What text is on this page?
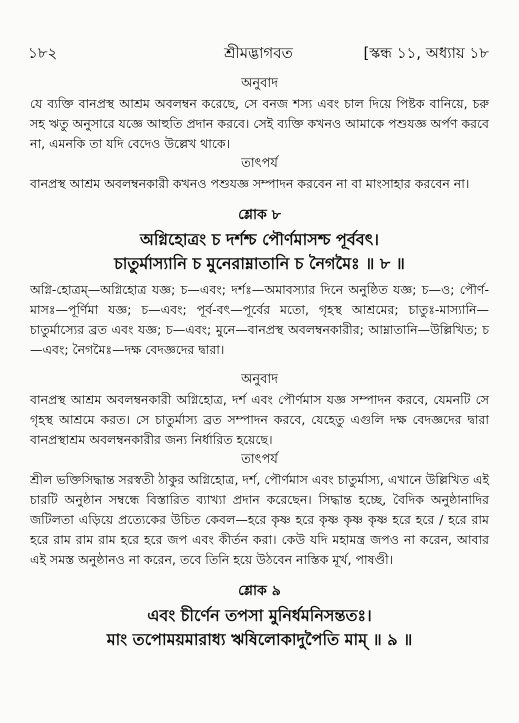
১৮২	শ্রীমদ্ভাগবত	[স্কন্ধ ১১, অধ্যায় ১৮

অনুবাদ

যে ব্যক্তি বানপ্রস্থ আশ্রম অবলম্বন করেছে, সে বনজ শস্য এবং চাল দিয়ে পিষ্টক বানিয়ে, চরু সহ ঋতু অনুসারে যজ্ঞে আহুতি প্রদান করবে। সেই ব্যক্তি কখনও আমাকে পশুযজ্ঞ অর্পণ করবে না, এমনকি তা যদি বেদেও উল্লেখ থাকে।

তাৎপর্য

বানপ্রস্থ আশ্রম অবলম্বনকারী কখনও পশুযজ্ঞ সম্পাদন করবেন না বা মাংসাহার করবেন না।

শ্লোক ৮

অগ্নিহোত্রং চ দর্শশ্চ পৌর্ণমাসশ্চ পূর্ববৎ।

চাতুর্মাস্যানি চ মুনেরাম্নাতানি চ নৈগমৈঃ ॥ ৮ ॥

অগ্নি-হোত্রম্—অগ্নিহোত্র যজ্ঞ; চ—এবং; দর্শঃ—অমাবস্যার দিনে অনুষ্ঠিত যজ্ঞ; চ—ও; পৌর্ণ-মাসঃ—পূর্ণিমা যজ্ঞ; চ—এবং; পূর্ব-বৎ—পূর্বের মতো, গৃহস্থ আশ্রমের; চাতুঃ-মাস্যানি—চাতুর্মাস্যের ব্রত এবং যজ্ঞ; চ—এবং; মুনে—বানপ্রস্থ অবলম্বনকারীর; আম্নাতানি—উল্লিখিত; চ—এবং; নৈগমৈঃ—দক্ষ বেদজ্ঞদের দ্বারা।

অনুবাদ

বানপ্রস্থ আশ্রম অবলম্বনকারী অগ্নিহোত্র, দর্শ এবং পৌর্ণমাস যজ্ঞ সম্পাদন করবে, যেমনটি সে গৃহস্থ আশ্রমে করত। সে চাতুর্মাস্য ব্রত সম্পাদন করবে, যেহেতু এগুলি দক্ষ বেদজ্ঞদের দ্বারা বানপ্রস্থাশ্রম অবলম্বনকারীর জন্য নির্ধারিত হয়েছে।

তাৎপর্য

শ্রীল ভক্তিসিদ্ধান্ত সরস্বতী ঠাকুর অগ্নিহোত্র, দর্শ, পৌর্ণমাস এবং চাতুর্মাস্য, এখানে উল্লিখিত এই চারটি অনুষ্ঠান সম্বন্ধে বিস্তারিত ব্যাখ্যা প্রদান করেছেন। সিদ্ধান্ত হচ্ছে, বৈদিক অনুষ্ঠানাদির জটিলতা এড়িয়ে প্রত্যেকের উচিত কেবল—হরে কৃষ্ণ হরে কৃষ্ণ কৃষ্ণ কৃষ্ণ হরে হরে / হরে রাম হরে রাম রাম রাম হরে হরে জপ এবং কীর্তন করা। কেউ যদি মহামন্ত্র জপও না করেন, আবার এই সমস্ত অনুষ্ঠানও না করেন, তবে তিনি হয়ে উঠবেন নাস্তিক মূর্খ, পাষণ্ডী।

শ্লোক ৯

এবং চীর্ণেন তপসা মুনির্ধমনিসন্ততঃ।

মাং তপোময়মারাধ্য ঋষিলোকাদুপৈতি মাম্ ॥ ৯ ॥
